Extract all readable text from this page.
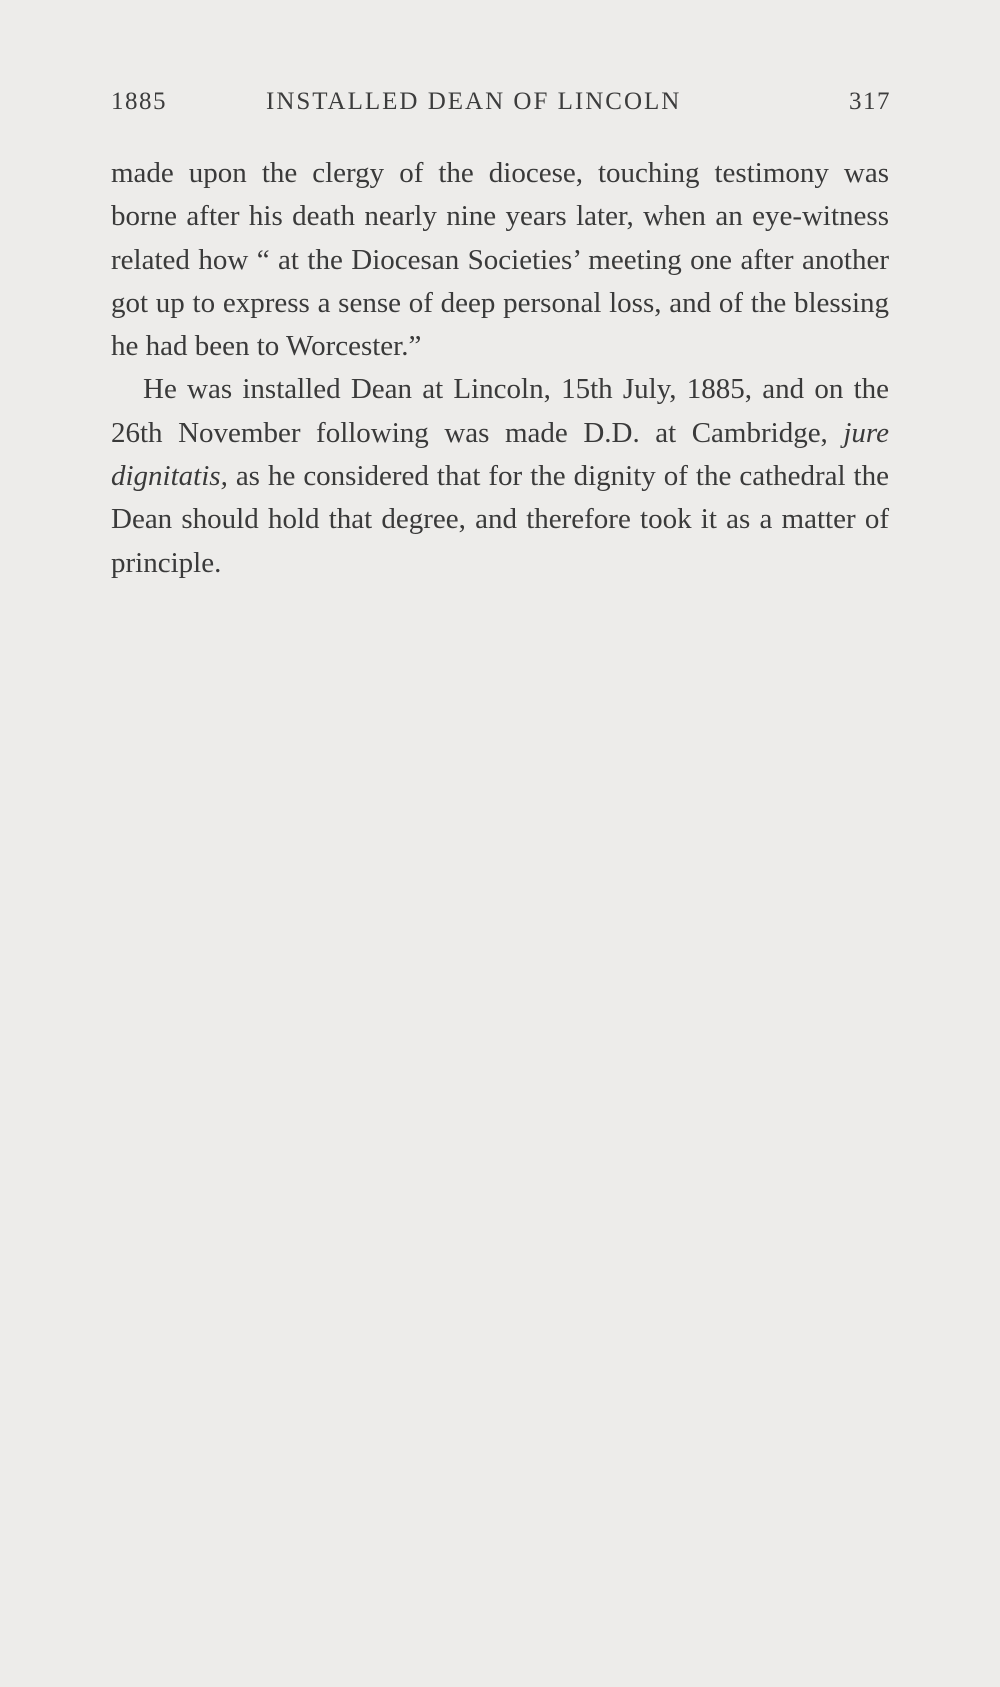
1885	INSTALLED DEAN OF LINCOLN	317

made upon the clergy of the diocese, touching testimony was borne after his death nearly nine years later, when an eye-witness related how “ at the Diocesan Societies’ meeting one after another got up to express a sense of deep personal loss, and of the blessing he had been to Worcester.”

He was installed Dean at Lincoln, 15th July, 1885, and on the 26th November following was made D.D. at Cambridge, jure dignitatis, as he considered that for the dignity of the cathedral the Dean should hold that degree, and therefore took it as a matter of principle.
